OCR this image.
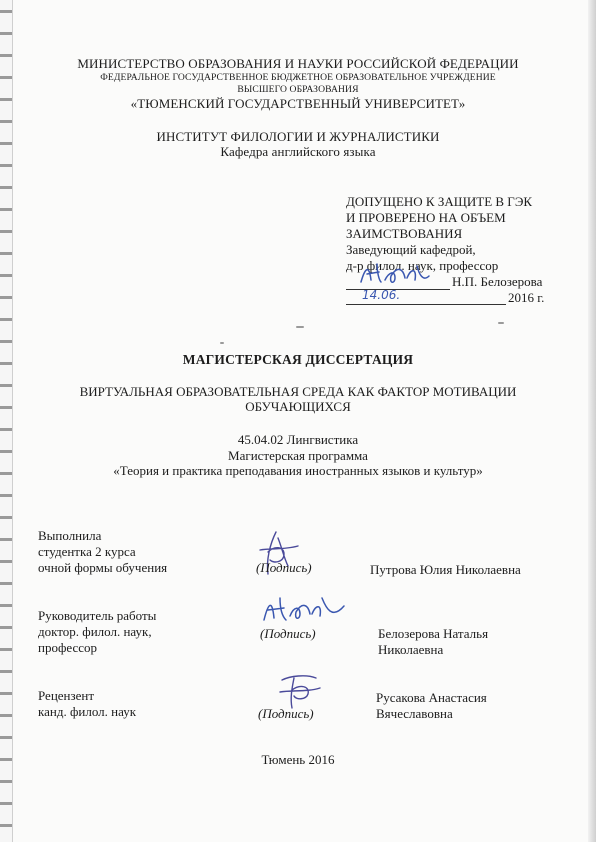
МИНИСТЕРСТВО ОБРАЗОВАНИЯ И НАУКИ РОССИЙСКОЙ ФЕДЕРАЦИИ
ФЕДЕРАЛЬНОЕ ГОСУДАРСТВЕННОЕ БЮДЖЕТНОЕ ОБРАЗОВАТЕЛЬНОЕ УЧРЕЖДЕНИЕ
ВЫСШЕГО ОБРАЗОВАНИЯ
«ТЮМЕНСКИЙ ГОСУДАРСТВЕННЫЙ УНИВЕРСИТЕТ»
ИНСТИТУТ ФИЛОЛОГИИ И ЖУРНАЛИСТИКИ
Кафедра английского языка
ДОПУЩЕНО К ЗАЩИТЕ В ГЭК
И ПРОВЕРЕНО НА ОБЪЕМ
ЗАИМСТВОВАНИЯ
Заведующий кафедрой,
д-р филол. наук, профессор
Н.П. Белозерова
14.06.	2016 г.
МАГИСТЕРСКАЯ ДИССЕРТАЦИЯ
ВИРТУАЛЬНАЯ ОБРАЗОВАТЕЛЬНАЯ СРЕДА КАК ФАКТОР МОТИВАЦИИ
ОБУЧАЮЩИХСЯ
45.04.02 Лингвистика
Магистерская программа
«Теория и практика преподавания иностранных языков и культур»
Выполнила
студентка 2 курса
очной формы обучения	(Подпись)	Путрова Юлия Николаевна
Руководитель работы
доктор. филол. наук,
профессор
(Подпись)	Белозерова Наталья
Николаевна
Рецензент
канд. филол. наук	(Подпись)
Русакова Анастасия
Вячеславовна
Тюмень 2016
